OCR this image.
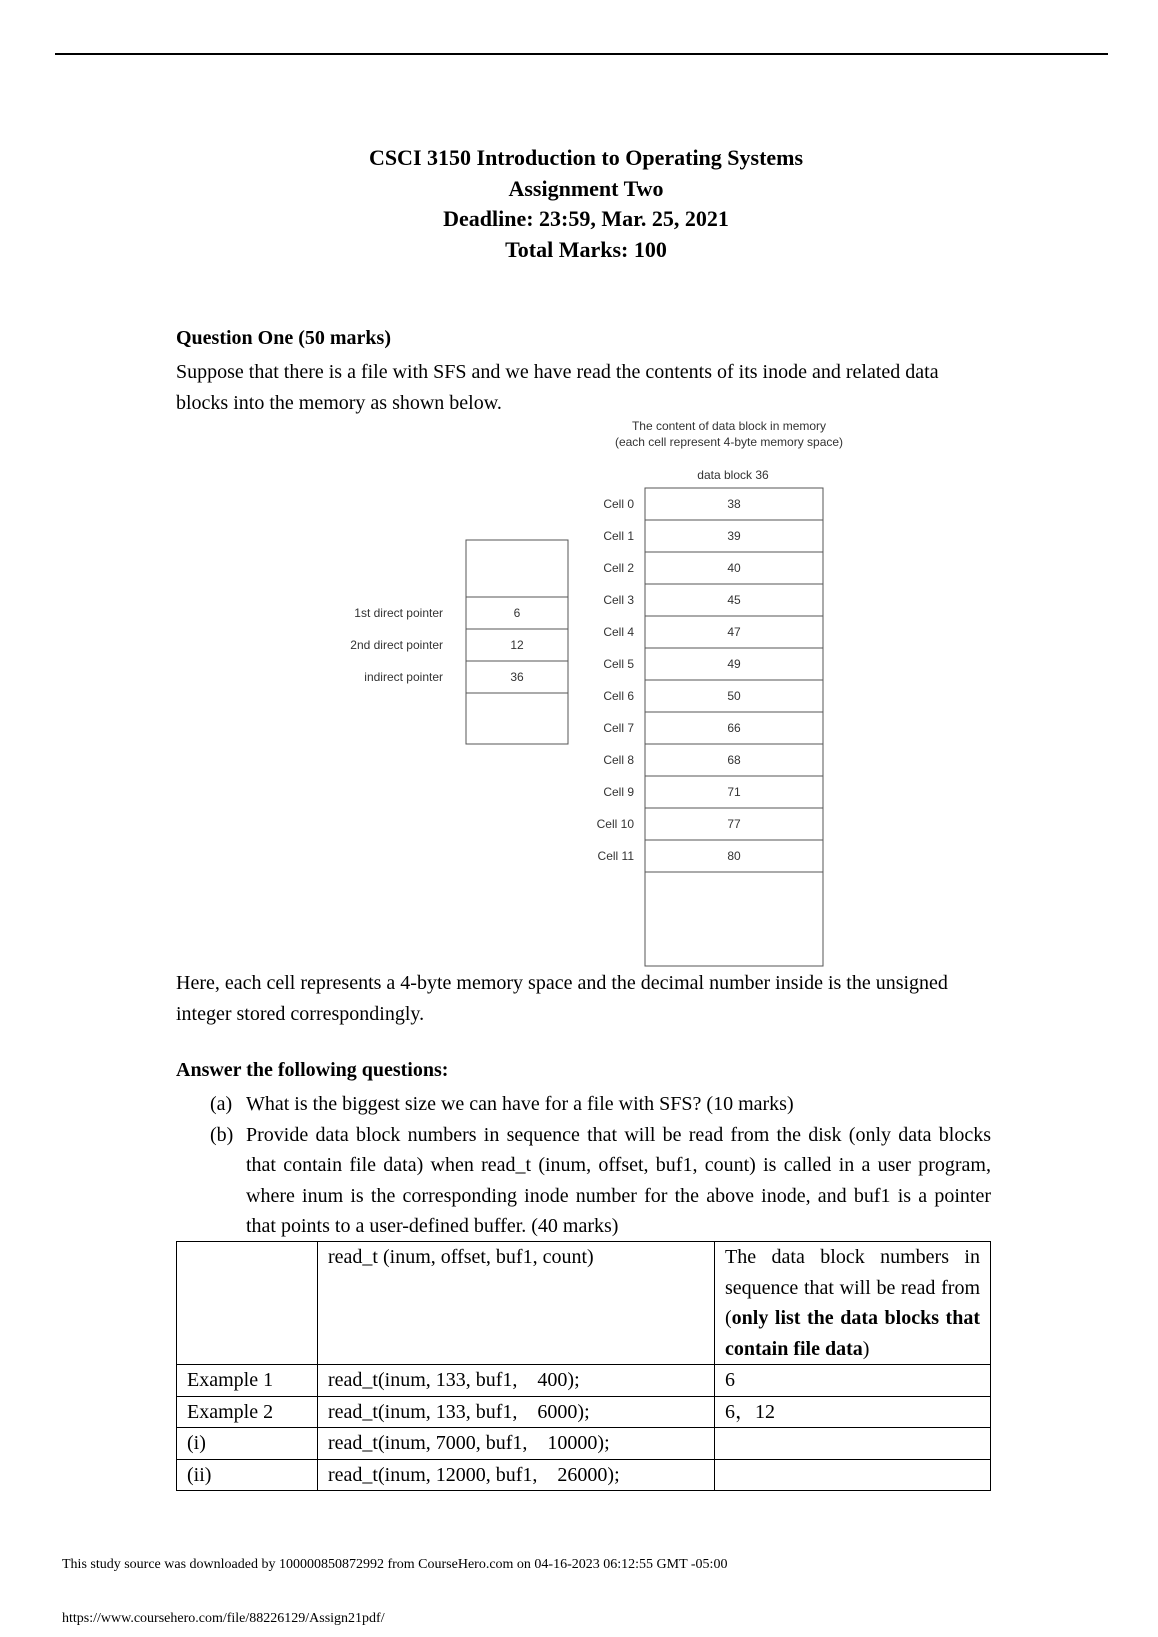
CSCI 3150 Introduction to Operating Systems
Assignment Two
Deadline: 23:59, Mar. 25, 2021
Total Marks: 100
Question One (50 marks)
Suppose that there is a file with SFS and we have read the contents of its inode and related data blocks into the memory as shown below.
The content of data block in memory
(each cell represent 4-byte memory space)
data block 36
1st direct pointer	6
2nd direct pointer	12
indirect pointer	36
Cell 0	38
Cell 1	39
Cell 2	40
Cell 3	45
Cell 4	47
Cell 5	49
Cell 6	50
Cell 7	66
Cell 8	68
Cell 9	71
Cell 10	77
Cell 11	80
Here, each cell represents a 4-byte memory space and the decimal number inside is the unsigned integer stored correspondingly.
Answer the following questions:
(a) What is the biggest size we can have for a file with SFS? (10 marks)
(b) Provide data block numbers in sequence that will be read from the disk (only data blocks that contain file data) when read_t (inum, offset, buf1, count) is called in a user program, where inum is the corresponding inode number for the above inode, and buf1 is a pointer that points to a user-defined buffer. (40 marks)
	read_t (inum, offset, buf1, count)	The data block numbers in sequence that will be read from (only list the data blocks that contain file data)
Example 1	read_t(inum, 133, buf1,    400);	6
Example 2	read_t(inum, 133, buf1,    6000);	6，12
(i)	read_t(inum, 7000, buf1,    10000);	
(ii)	read_t(inum, 12000, buf1,    26000);	
This study source was downloaded by 100000850872992 from CourseHero.com on 04-16-2023 06:12:55 GMT -05:00
https://www.coursehero.com/file/88226129/Assign21pdf/
